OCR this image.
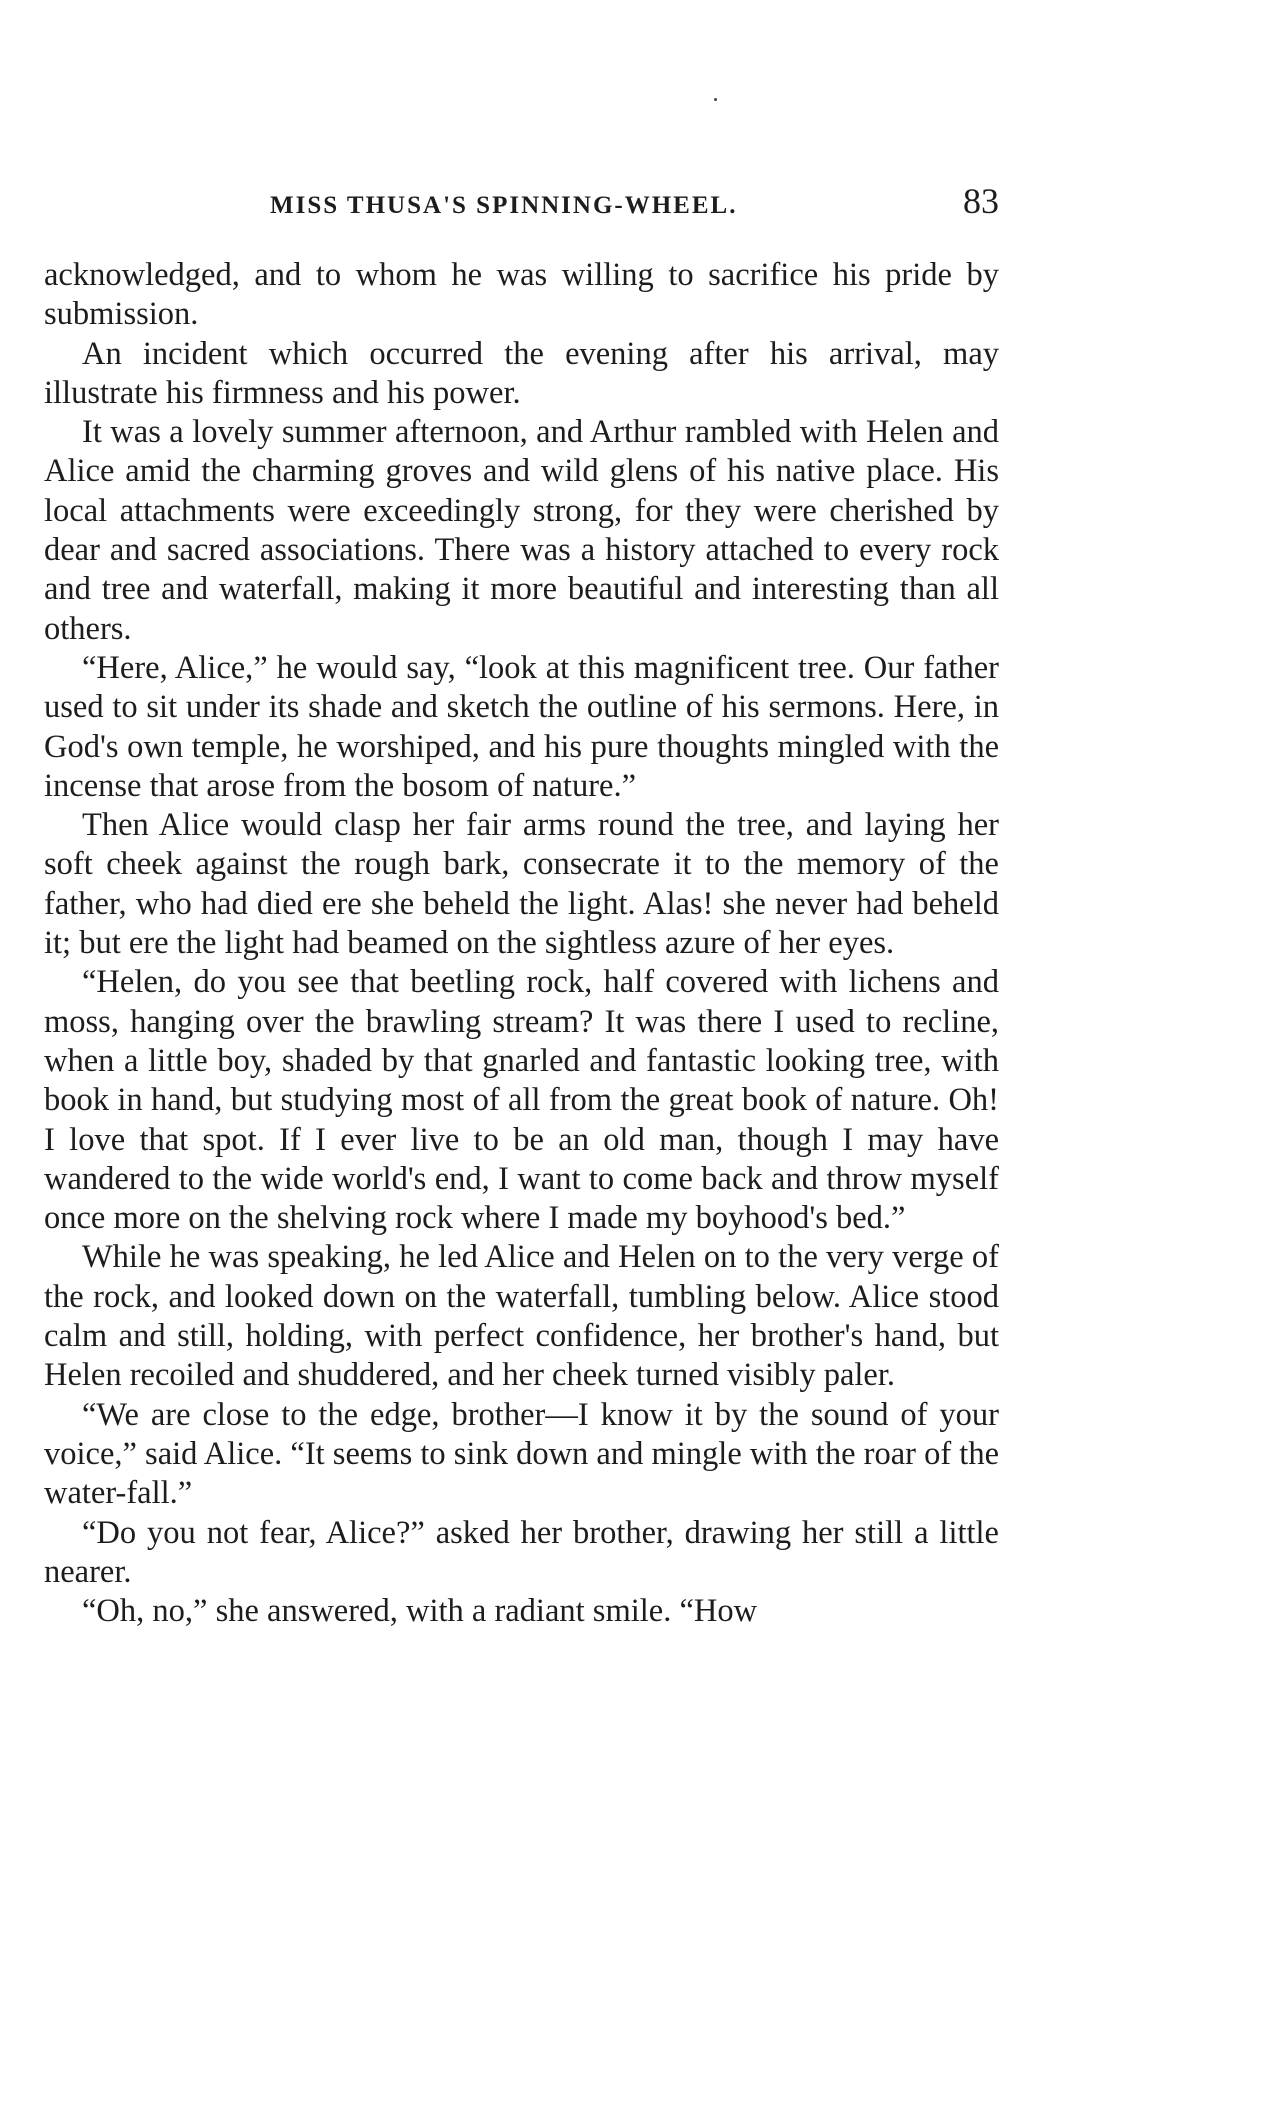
MISS THUSA'S SPINNING-WHEEL.	83

acknowledged, and to whom he was willing to sacrifice his pride by submission.

An incident which occurred the evening after his arrival, may illustrate his firmness and his power.

It was a lovely summer afternoon, and Arthur rambled with Helen and Alice amid the charming groves and wild glens of his native place. His local attachments were exceedingly strong, for they were cherished by dear and sacred associations. There was a history attached to every rock and tree and waterfall, making it more beautiful and interesting than all others.

“Here, Alice,” he would say, “look at this magnificent tree. Our father used to sit under its shade and sketch the outline of his sermons. Here, in God's own temple, he worshiped, and his pure thoughts mingled with the incense that arose from the bosom of nature.”

Then Alice would clasp her fair arms round the tree, and laying her soft cheek against the rough bark, consecrate it to the memory of the father, who had died ere she beheld the light. Alas! she never had beheld it; but ere the light had beamed on the sightless azure of her eyes.

“Helen, do you see that beetling rock, half covered with lichens and moss, hanging over the brawling stream? It was there I used to recline, when a little boy, shaded by that gnarled and fantastic looking tree, with book in hand, but studying most of all from the great book of nature. Oh! I love that spot. If I ever live to be an old man, though I may have wandered to the wide world's end, I want to come back and throw myself once more on the shelving rock where I made my boyhood's bed.”

While he was speaking, he led Alice and Helen on to the very verge of the rock, and looked down on the waterfall, tumbling below. Alice stood calm and still, holding, with perfect confidence, her brother's hand, but Helen recoiled and shuddered, and her cheek turned visibly paler.

“We are close to the edge, brother—I know it by the sound of your voice,” said Alice. “It seems to sink down and mingle with the roar of the water-fall.”

“Do you not fear, Alice?” asked her brother, drawing her still a little nearer.

“Oh, no,” she answered, with a radiant smile. “How
